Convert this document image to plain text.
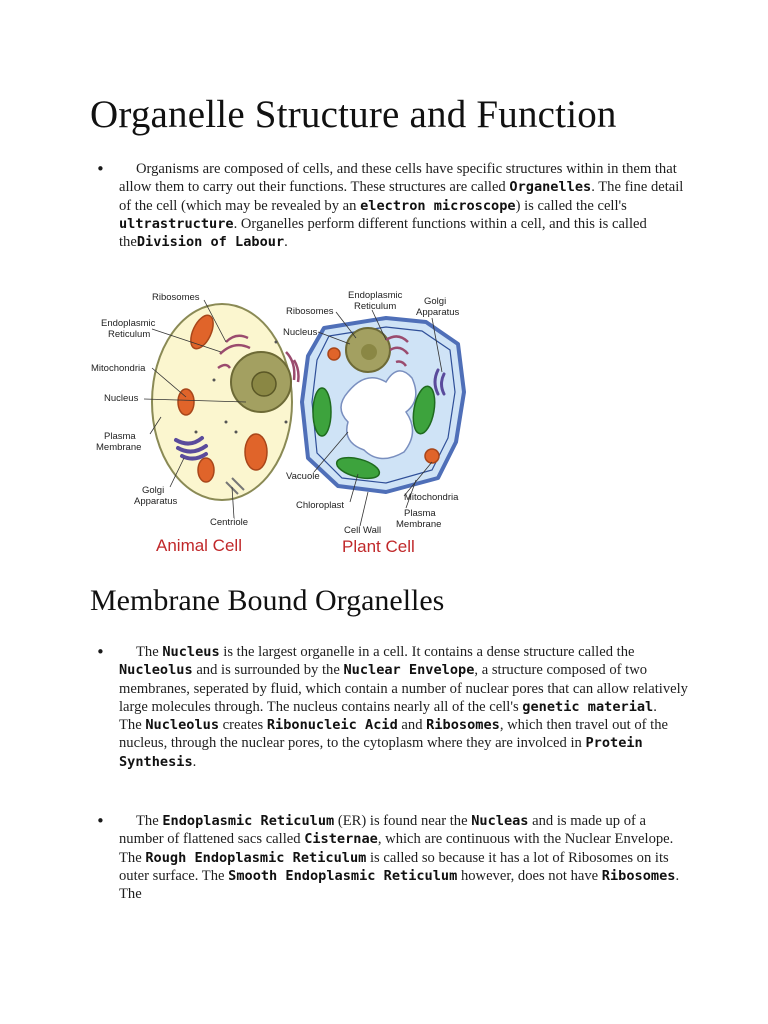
Organelle Structure and Function
•	Organisms are composed of cells, and these cells have specific structures within in them that allow them to carry out their functions. These structures are called Organelles. The fine detail of the cell (which may be revealed by an electron microscope) is called the cell's ultrastructure. Organelles perform different functions within a cell, and this is called theDivision of Labour.
Ribosomes
Endoplasmic
Reticulum
Mitochondria
Nucleus
Plasma
Membrane
Golgi
Apparatus
Centriole
Animal Cell
Endoplasmic
Reticulum	Golgi
Apparatus
Ribosomes
Nucleus
Vacuole
Chloroplast
Cell Wall
Mitochondria
Plasma
Membrane
Plant Cell
Membrane Bound Organelles
•	The Nucleus is the largest organelle in a cell. It contains a dense structure called the Nucleolus and is surrounded by the Nuclear Envelope, a structure composed of two membranes, seperated by fluid, which contain a number of nuclear pores that can allow relatively large molecules through. The nucleus contains nearly all of the cell's genetic material.
The Nucleolus creates Ribonucleic Acid and Ribosomes, which then travel out of the nucleus, through the nuclear pores, to the cytoplasm where they are involced in Protein Synthesis.
•	The Endoplasmic Reticulum (ER) is found near the Nucleas and is made up of a number of flattened sacs called Cisternae, which are continuous with the Nuclear Envelope. The Rough Endoplasmic Reticulum is called so because it has a lot of Ribosomes on its outer surface. The Smooth Endoplasmic Reticulum however, does not have Ribosomes. The
